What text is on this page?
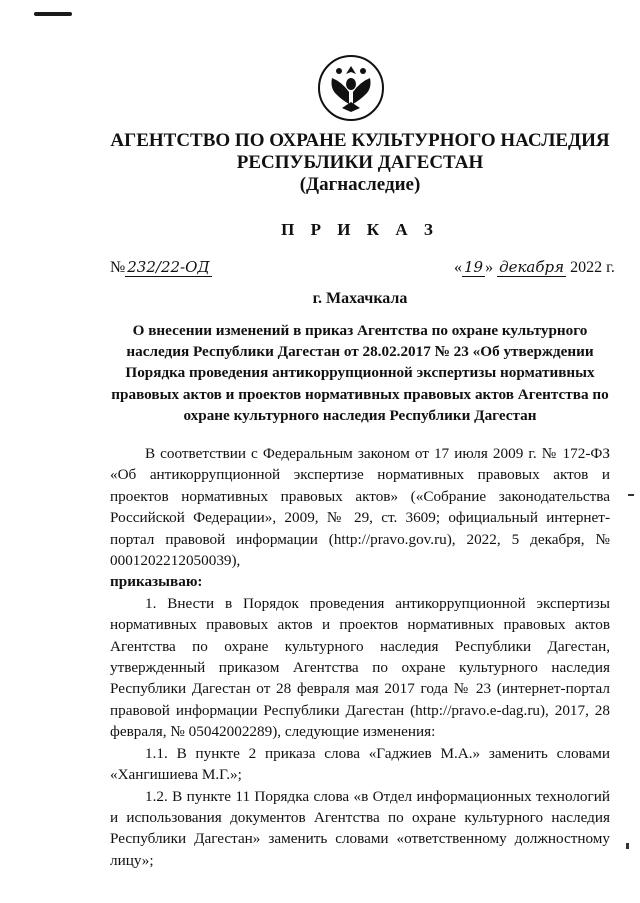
АГЕНТСТВО ПО ОХРАНЕ КУЛЬТУРНОГО НАСЛЕДИЯ
РЕСПУБЛИКИ ДАГЕСТАН
(Дагнаследие)
П Р И К А З
№ 232/22-ОД	« 19 » декабря 2022 г.
г. Махачкала
О внесении изменений в приказ Агентства по охране культурного наследия Республики Дагестан от 28.02.2017 № 23 «Об утверждении Порядка проведения антикоррупционной экспертизы нормативных правовых актов и проектов нормативных правовых актов Агентства по охране культурного наследия Республики Дагестан

В соответствии с Федеральным законом от 17 июля 2009 г. № 172-ФЗ «Об антикоррупционной экспертизе нормативных правовых актов и проектов нормативных правовых актов» («Собрание законодательства Российской Федерации», 2009, № 29, ст. 3609; официальный интернет-портал правовой информации (http://pravo.gov.ru), 2022, 5 декабря, № 0001202212050039),
приказываю:

1. Внести в Порядок проведения антикоррупционной экспертизы нормативных правовых актов и проектов нормативных правовых актов Агентства по охране культурного наследия Республики Дагестан, утвержденный приказом Агентства по охране культурного наследия Республики Дагестан от 28 февраля мая 2017 года № 23 (интернет-портал правовой информации Республики Дагестан (http://pravo.e-dag.ru), 2017, 28 февраля, № 05042002289), следующие изменения:

1.1. В пункте 2 приказа слова «Гаджиев М.А.» заменить словами «Хангишиева М.Г.»;

1.2. В пункте 11 Порядка слова «в Отдел информационных технологий и использования документов Агентства по охране культурного наследия Республики Дагестан» заменить словами «ответственному должностному лицу»;
